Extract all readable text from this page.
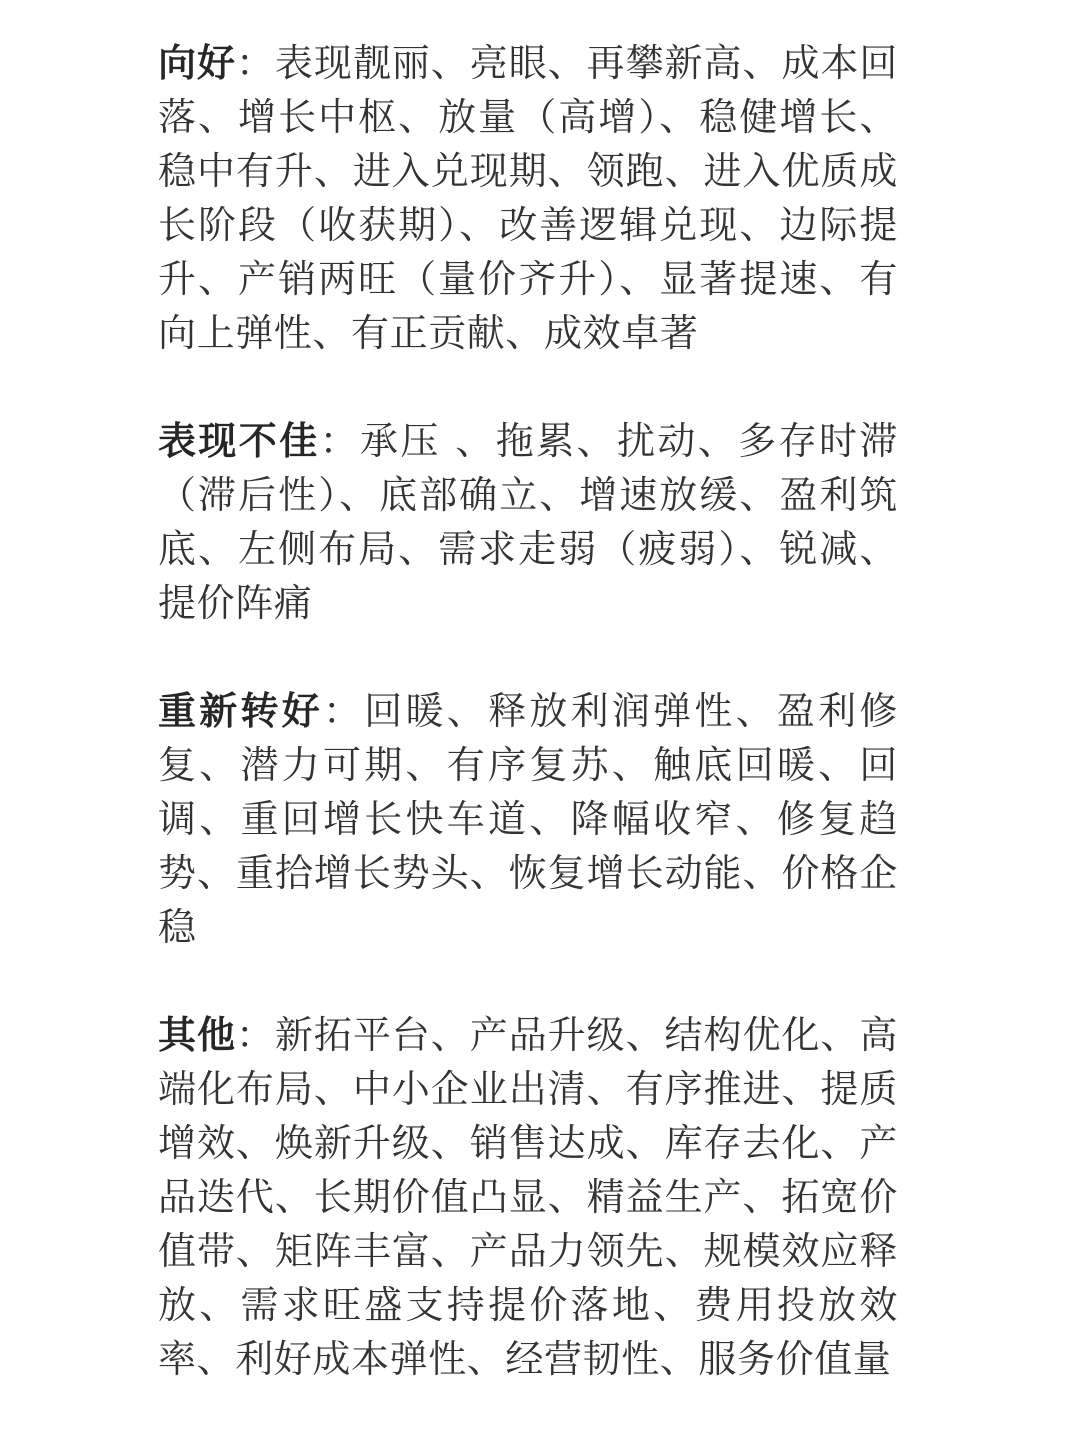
向好：表现靓丽、亮眼、再攀新高、成本回落、增长中枢、放量（高增）、稳健增长、稳中有升、进入兑现期、领跑、进入优质成长阶段（收获期）、改善逻辑兑现、边际提升、产销两旺（量价齐升）、显著提速、有向上弹性、有正贡献、成效卓著

表现不佳：承压 、拖累、扰动、多存时滞（滞后性）、底部确立、增速放缓、盈利筑底、左侧布局、需求走弱（疲弱）、锐减、提价阵痛

重新转好：回暖、释放利润弹性、盈利修复、潜力可期、有序复苏、触底回暖、回调、重回增长快车道、降幅收窄、修复趋势、重拾增长势头、恢复增长动能、价格企稳

其他：新拓平台、产品升级、结构优化、高端化布局、中小企业出清、有序推进、提质增效、焕新升级、销售达成、库存去化、产品迭代、长期价值凸显、精益生产、拓宽价值带、矩阵丰富、产品力领先、规模效应释放、需求旺盛支持提价落地、费用投放效率、利好成本弹性、经营韧性、服务价值量
